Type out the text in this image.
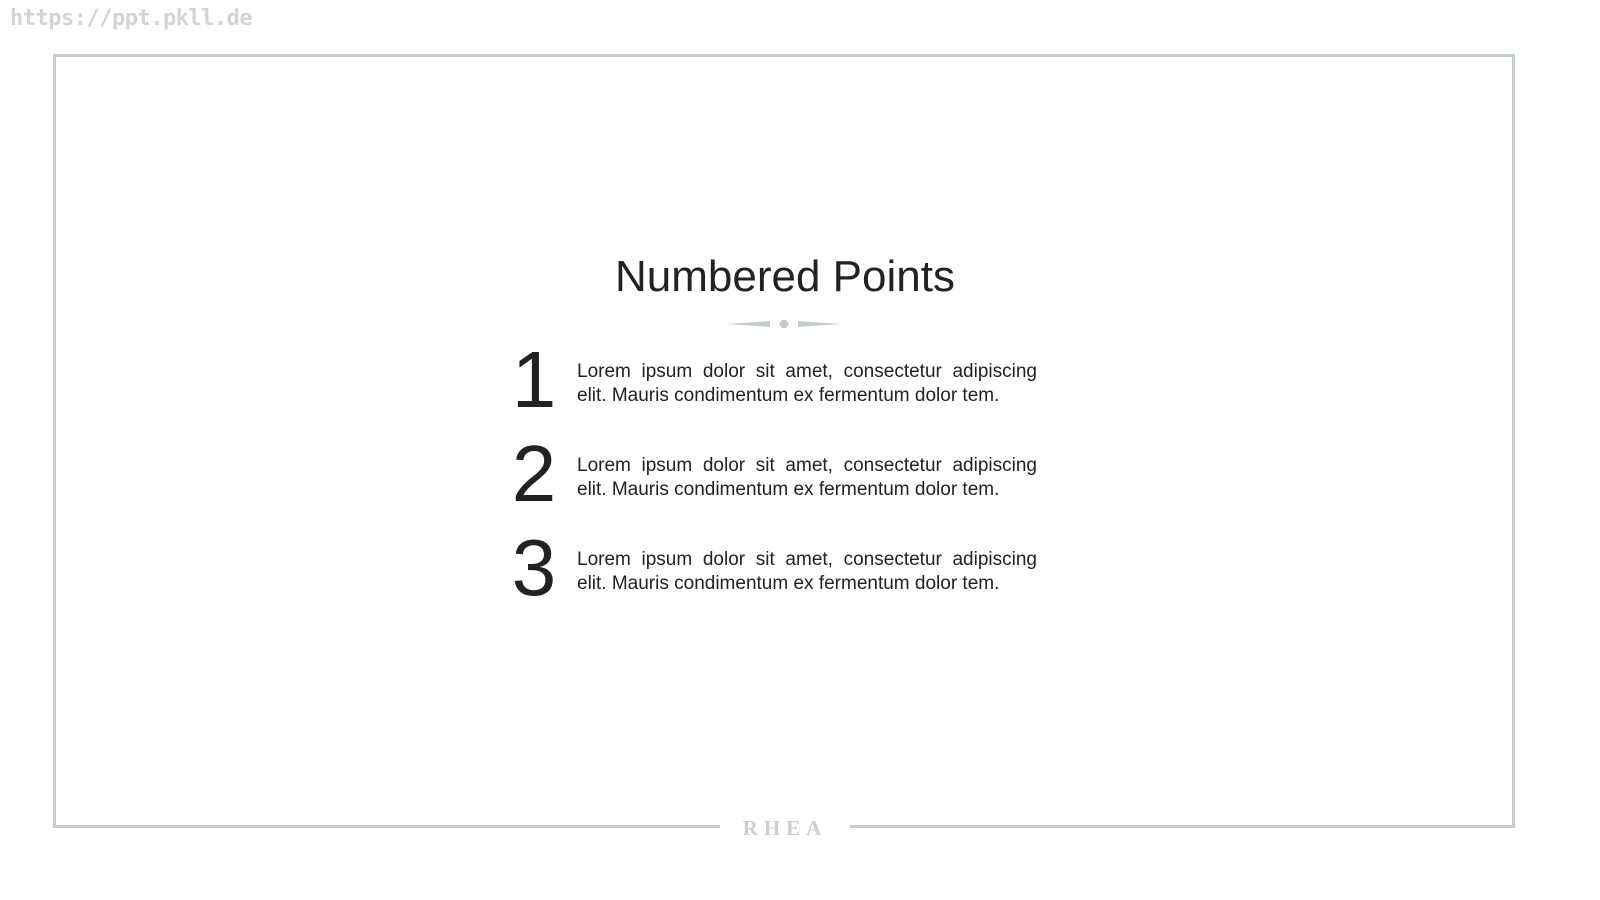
https://ppt.pkll.de
RHEA
Numbered Points
1	Lorem ipsum dolor sit amet, consectetur adipiscing elit. Mauris condimentum ex fermentum dolor tem.
2	Lorem ipsum dolor sit amet, consectetur adipiscing elit. Mauris condimentum ex fermentum dolor tem.
3	Lorem ipsum dolor sit amet, consectetur adipiscing elit. Mauris condimentum ex fermentum dolor tem.
